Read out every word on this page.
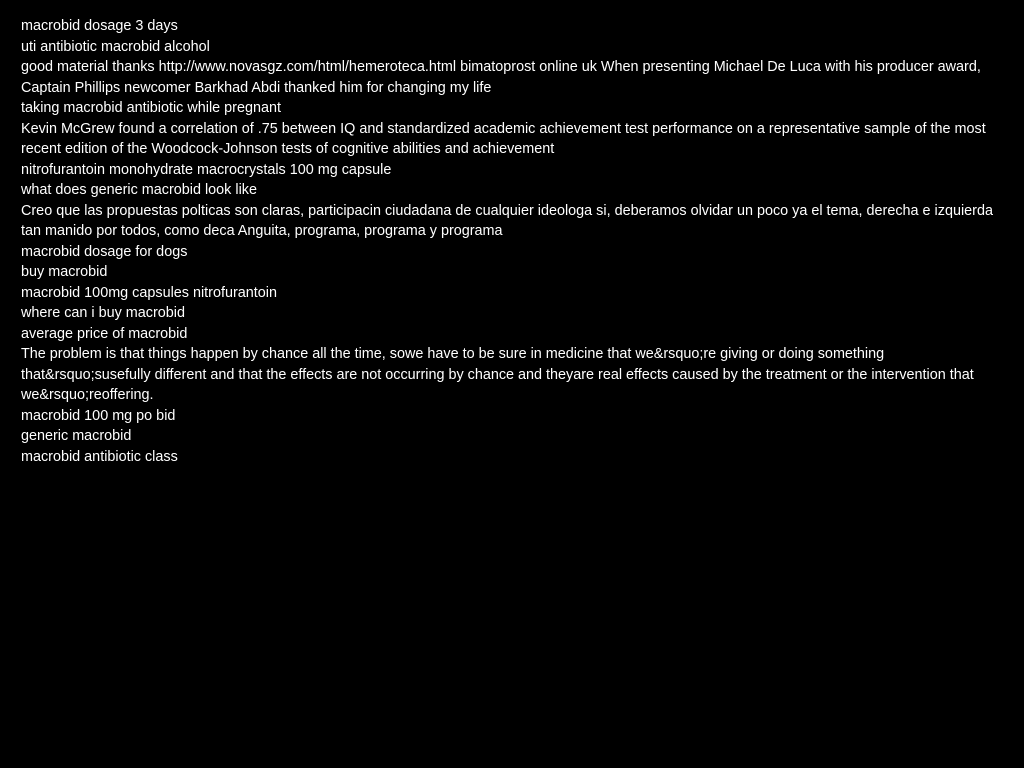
macrobid dosage 3 days
uti antibiotic macrobid alcohol
good material thanks http://www.novasgz.com/html/hemeroteca.html bimatoprost online uk When presenting Michael De Luca with his producer award, Captain Phillips newcomer Barkhad Abdi thanked him for changing my life
taking macrobid antibiotic while pregnant
Kevin McGrew found a correlation of .75 between IQ and standardized academic achievement test performance on a representative sample of the most recent edition of the Woodcock-Johnson tests of cognitive abilities and achievement
nitrofurantoin monohydrate macrocrystals 100 mg capsule
what does generic macrobid look like
Creo que las propuestas polticas son claras, participacin ciudadana de cualquier ideologa si, deberamos olvidar un poco ya el tema, derecha e izquierda tan manido por todos, como deca Anguita, programa, programa y programa
macrobid dosage for dogs
buy macrobid
macrobid 100mg capsules nitrofurantoin
where can i buy macrobid
average price of macrobid
The problem is that things happen by chance all the time, sowe have to be sure in medicine that we&rsquo;re giving or doing something that&rsquo;susefully different and that the effects are not occurring by chance and theyare real effects caused by the treatment or the intervention that we&rsquo;reoffering.
macrobid 100 mg po bid
generic macrobid
macrobid antibiotic class
